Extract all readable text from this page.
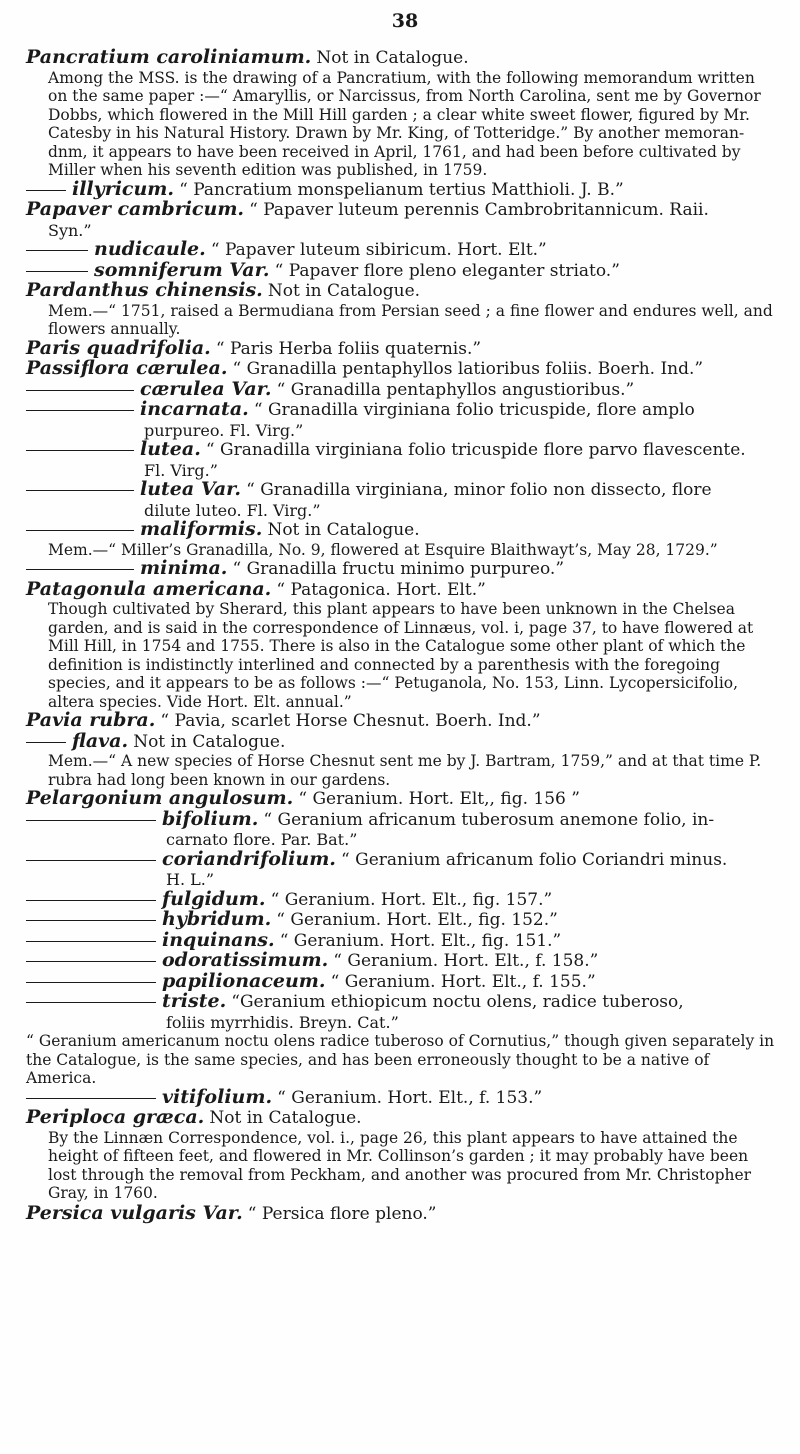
38
Pancratium caroliniamum. Not in Catalogue.
Among the MSS. is the drawing of a Pancratium, with the following memorandum written on the same paper :—“ Amaryllis, or Narcissus, from North Carolina, sent me by Governor Dobbs, which flowered in the Mill Hill garden ; a clear white sweet flower, figured by Mr. Catesby in his Natural History. Drawn by Mr. King, of Totteridge.” By another memoran-dnm, it appears to have been received in April, 1761, and had been before cultivated by Miller when his seventh edition was published, in 1759.
illyricum. “ Pancratium monspelianum tertius Matthioli. J. B.”
Papaver cambricum. “ Papaver luteum perennis Cambrobritannicum. Raii.
Syn.”
nudicaule. “ Papaver luteum sibiricum. Hort. Elt.”
somniferum Var. “ Papaver flore pleno eleganter striato.”
Pardanthus chinensis. Not in Catalogue.
Mem.—“ 1751, raised a Bermudiana from Persian seed ; a fine flower and endures well, and flowers annually.
Paris quadrifolia. “ Paris Herba foliis quaternis.”
Passiflora cærulea. “ Granadilla pentaphyllos latioribus foliis. Boerh. Ind.”
cærulea Var. “ Granadilla pentaphyllos angustioribus.”
incarnata. “ Granadilla virginiana folio tricuspide, flore amplo
purpureo. Fl. Virg.”
lutea. “ Granadilla virginiana folio tricuspide flore parvo flavescente.
Fl. Virg.”
lutea Var. “ Granadilla virginiana, minor folio non dissecto, flore
dilute luteo. Fl. Virg.”
maliformis. Not in Catalogue.
Mem.—“ Miller’s Granadilla, No. 9, flowered at Esquire Blaithwayt’s, May 28, 1729.”
minima. “ Granadilla fructu minimo purpureo.”
Patagonula americana. “ Patagonica. Hort. Elt.”
Though cultivated by Sherard, this plant appears to have been unknown in the Chelsea garden, and is said in the correspondence of Linnæus, vol. i, page 37, to have flowered at Mill Hill, in 1754 and 1755. There is also in the Catalogue some other plant of which the definition is indistinctly interlined and connected by a parenthesis with the foregoing species, and it appears to be as follows :—“ Petuganola, No. 153, Linn. Lycopersicifolio, altera species. Vide Hort. Elt. annual.”
Pavia rubra. “ Pavia, scarlet Horse Chesnut. Boerh. Ind.”
flava. Not in Catalogue.
Mem.—“ A new species of Horse Chesnut sent me by J. Bartram, 1759,” and at that time P. rubra had long been known in our gardens.
Pelargonium angulosum. “ Geranium. Hort. Elt,, fig. 156 ”
bifolium. “ Geranium africanum tuberosum anemone folio, in-
carnato flore. Par. Bat.”
coriandrifolium. “ Geranium africanum folio Coriandri minus.
H. L.”
fulgidum. “ Geranium. Hort. Elt., fig. 157.”
hybridum. “ Geranium. Hort. Elt., fig. 152.”
inquinans. “ Geranium. Hort. Elt., fig. 151.”
odoratissimum. “ Geranium. Hort. Elt., f. 158.”
papilionaceum. “ Geranium. Hort. Elt., f. 155.”
triste. “Geranium ethiopicum noctu olens, radice tuberoso,
foliis myrrhidis. Breyn. Cat.”
“ Geranium americanum noctu olens radice tuberoso of Cornutius,” though given separately in the Catalogue, is the same species, and has been erroneously thought to be a native of America.
vitifolium. “ Geranium. Hort. Elt., f. 153.”
Periploca græca. Not in Catalogue.
By the Linnæn Correspondence, vol. i., page 26, this plant appears to have attained the height of fifteen feet, and flowered in Mr. Collinson’s garden ; it may probably have been lost through the removal from Peckham, and another was procured from Mr. Christopher Gray, in 1760.
Persica vulgaris Var. “ Persica flore pleno.”
